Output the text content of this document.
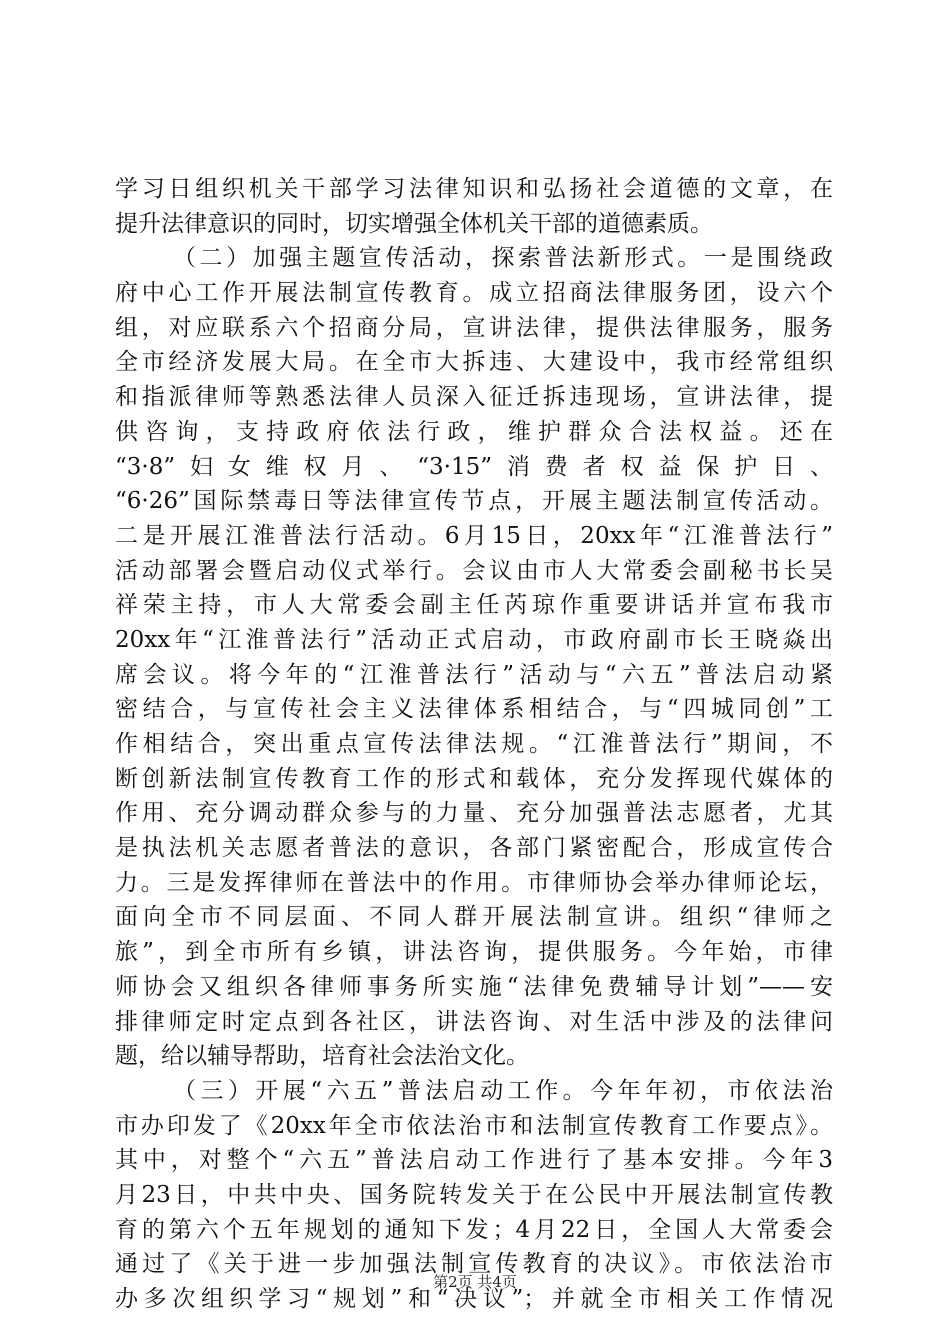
学习日组织机关干部学习法律知识和弘扬社会道德的文章，在
提升法律意识的同时，切实增强全体机关干部的道德素质。
（二）加强主题宣传活动，探索普法新形式。一是围绕政
府中心工作开展法制宣传教育。成立招商法律服务团，设六个
组，对应联系六个招商分局，宣讲法律，提供法律服务，服务
全市经济发展大局。在全市大拆违、大建设中，我市经常组织
和指派律师等熟悉法律人员深入征迁拆违现场，宣讲法律，提
供咨询，支持政府依法行政，维护群众合法权益。还在
“3·8”妇女维权月、“3·15”消费者权益保护日、
“6·26”国际禁毒日等法律宣传节点，开展主题法制宣传活动。
二是开展江淮普法行活动。6月15日，20xx年“江淮普法行”
活动部署会暨启动仪式举行。会议由市人大常委会副秘书长吴
祥荣主持，市人大常委会副主任芮琼作重要讲话并宣布我市
20xx年“江淮普法行”活动正式启动，市政府副市长王晓焱出
席会议。将今年的“江淮普法行”活动与“六五”普法启动紧
密结合，与宣传社会主义法律体系相结合，与“四城同创”工
作相结合，突出重点宣传法律法规。“江淮普法行”期间，不
断创新法制宣传教育工作的形式和载体，充分发挥现代媒体的
作用、充分调动群众参与的力量、充分加强普法志愿者，尤其
是执法机关志愿者普法的意识，各部门紧密配合，形成宣传合
力。三是发挥律师在普法中的作用。市律师协会举办律师论坛，
面向全市不同层面、不同人群开展法制宣讲。组织“律师之
旅”，到全市所有乡镇，讲法咨询，提供服务。今年始，市律
师协会又组织各律师事务所实施“法律免费辅导计划”——安
排律师定时定点到各社区，讲法咨询、对生活中涉及的法律问
题，给以辅导帮助，培育社会法治文化。
（三）开展“六五”普法启动工作。今年年初，市依法治
市办印发了《20xx年全市依法治市和法制宣传教育工作要点》。
其中，对整个“六五”普法启动工作进行了基本安排。今年3
月23日，中共中央、国务院转发关于在公民中开展法制宣传教
育的第六个五年规划的通知下发；4月22日，全国人大常委会
通过了《关于进一步加强法制宣传教育的决议》。市依法治市
办多次组织学习“规划”和“决议”；并就全市相关工作情况
第2页 共4页
